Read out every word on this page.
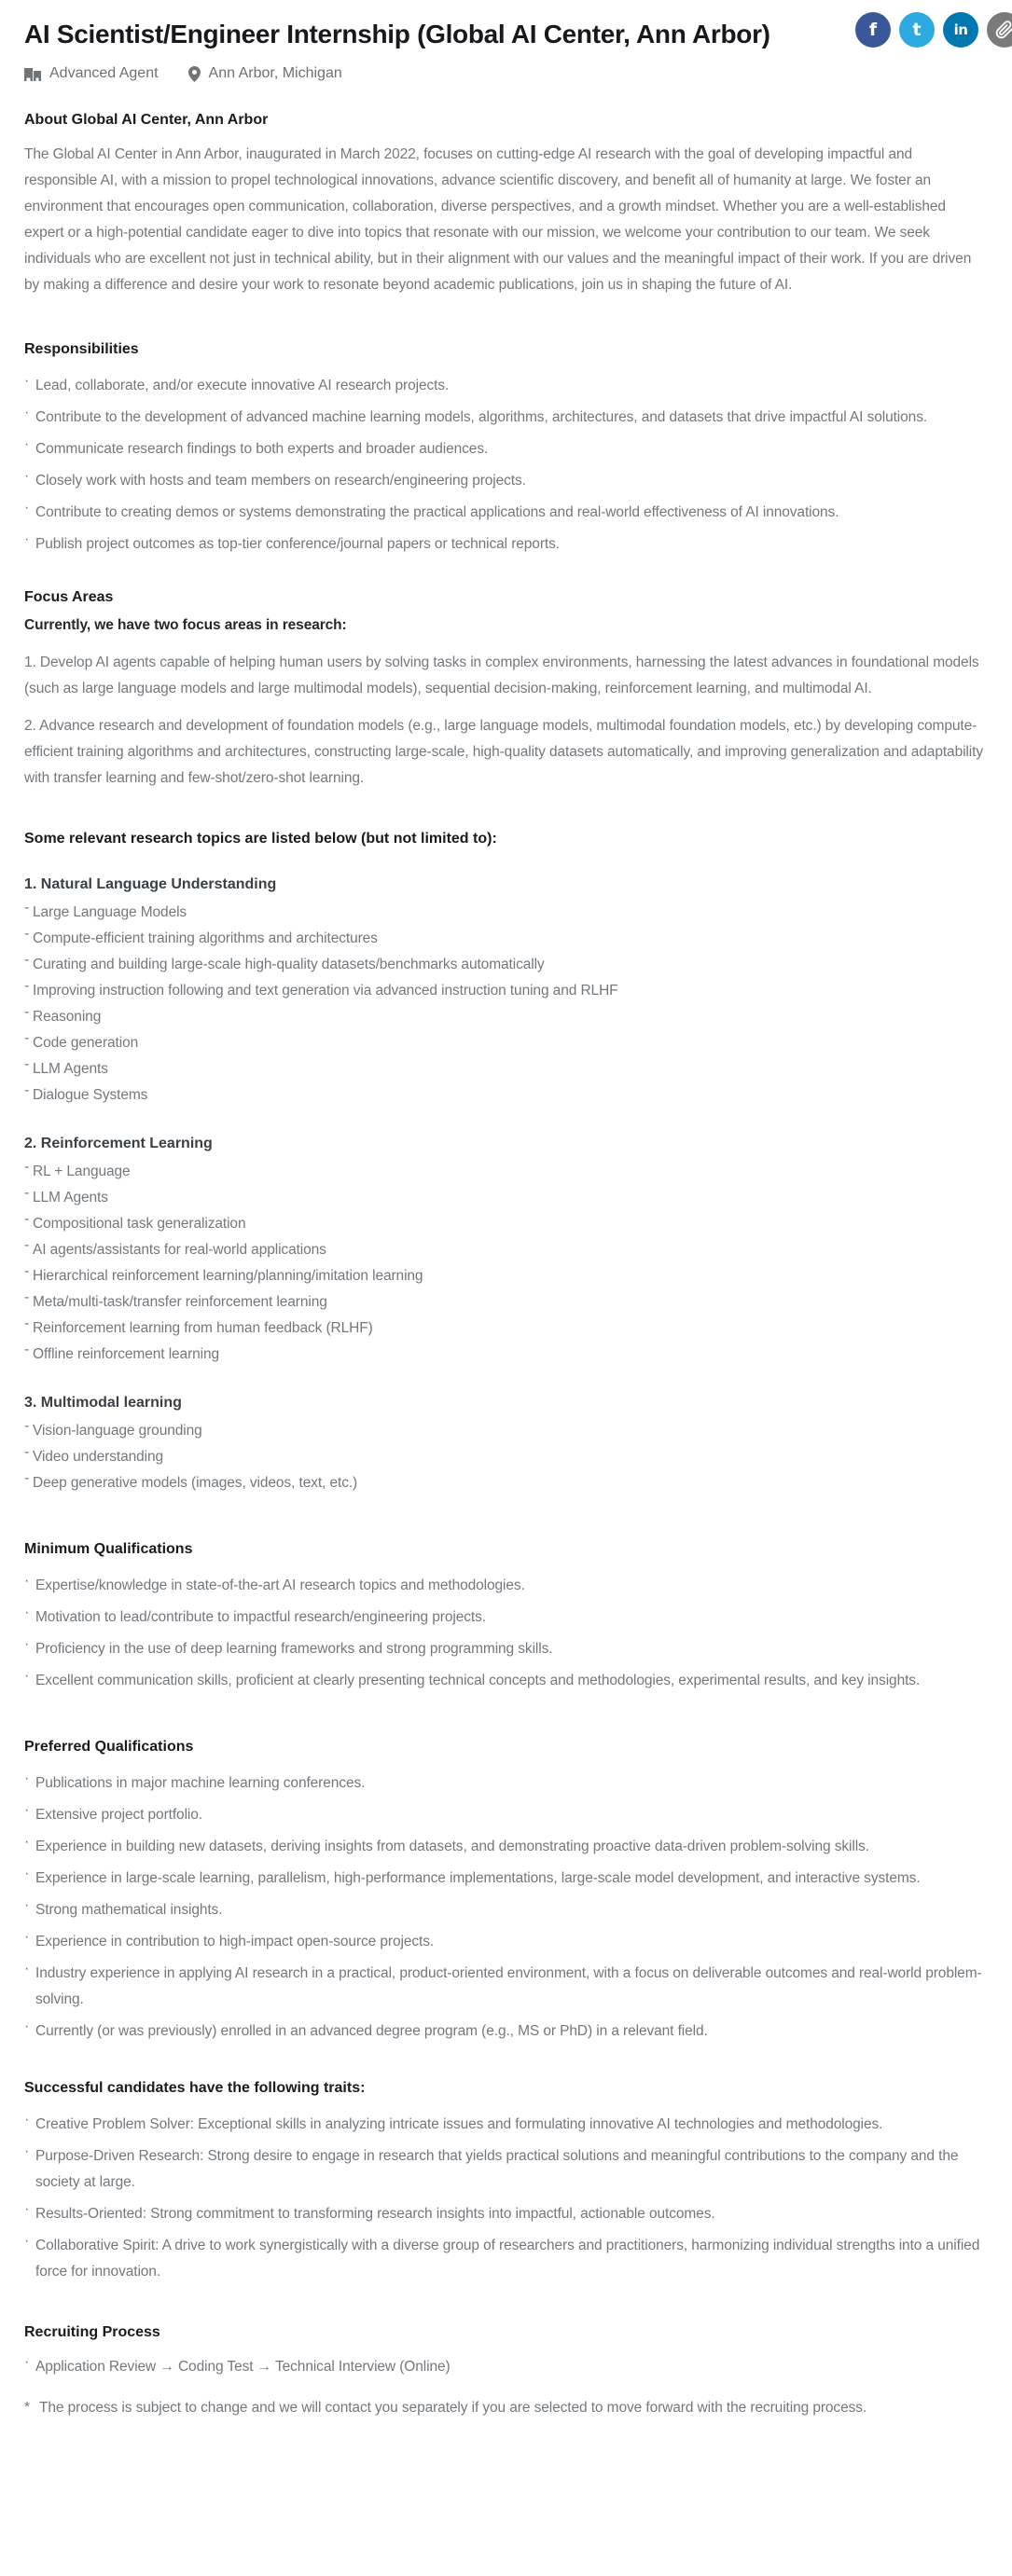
f t in
AI Scientist/Engineer Internship (Global AI Center, Ann Arbor)
Advanced Agent	Ann Arbor, Michigan
About Global AI Center, Ann Arbor

The Global AI Center in Ann Arbor, inaugurated in March 2022, focuses on cutting-edge AI research with the goal of developing impactful and responsible AI, with a mission to propel technological innovations, advance scientific discovery, and benefit all of humanity at large. We foster an environment that encourages open communication, collaboration, diverse perspectives, and a growth mindset. Whether you are a well-established expert or a high-potential candidate eager to dive into topics that resonate with our mission, we welcome your contribution to our team. We seek individuals who are excellent not just in technical ability, but in their alignment with our values and the meaningful impact of their work. If you are driven by making a difference and desire your work to resonate beyond academic publications, join us in shaping the future of AI.

Responsibilities
· Lead, collaborate, and/or execute innovative AI research projects.
· Contribute to the development of advanced machine learning models, algorithms, architectures, and datasets that drive impactful AI solutions.
· Communicate research findings to both experts and broader audiences.
· Closely work with hosts and team members on research/engineering projects.
· Contribute to creating demos or systems demonstrating the practical applications and real-world effectiveness of AI innovations.
· Publish project outcomes as top-tier conference/journal papers or technical reports.
Focus Areas
Currently, we have two focus areas in research:

1. Develop AI agents capable of helping human users by solving tasks in complex environments, harnessing the latest advances in foundational models (such as large language models and large multimodal models), sequential decision-making, reinforcement learning, and multimodal AI.

2. Advance research and development of foundation models (e.g., large language models, multimodal foundation models, etc.) by developing compute-efficient training algorithms and architectures, constructing large-scale, high-quality datasets automatically, and improving generalization and adaptability with transfer learning and few-shot/zero-shot learning.

Some relevant research topics are listed below (but not limited to):
1. Natural Language Understanding
- Large Language Models
- Compute-efficient training algorithms and architectures
- Curating and building large-scale high-quality datasets/benchmarks automatically
- Improving instruction following and text generation via advanced instruction tuning and RLHF
- Reasoning
- Code generation
- LLM Agents
- Dialogue Systems
2. Reinforcement Learning
- RL + Language
- LLM Agents
- Compositional task generalization
- AI agents/assistants for real-world applications
- Hierarchical reinforcement learning/planning/imitation learning
- Meta/multi-task/transfer reinforcement learning
- Reinforcement learning from human feedback (RLHF)
- Offline reinforcement learning
3. Multimodal learning
- Vision-language grounding
- Video understanding
- Deep generative models (images, videos, text, etc.)
Minimum Qualifications
· Expertise/knowledge in state-of-the-art AI research topics and methodologies.
· Motivation to lead/contribute to impactful research/engineering projects.
· Proficiency in the use of deep learning frameworks and strong programming skills.
· Excellent communication skills, proficient at clearly presenting technical concepts and methodologies, experimental results, and key insights.
Preferred Qualifications
· Publications in major machine learning conferences.
· Extensive project portfolio.
· Experience in building new datasets, deriving insights from datasets, and demonstrating proactive data-driven problem-solving skills.
· Experience in large-scale learning, parallelism, high-performance implementations, large-scale model development, and interactive systems.
· Strong mathematical insights.
· Experience in contribution to high-impact open-source projects.
· Industry experience in applying AI research in a practical, product-oriented environment, with a focus on deliverable outcomes and real-world problem-solving.
· Currently (or was previously) enrolled in an advanced degree program (e.g., MS or PhD) in a relevant field.
Successful candidates have the following traits:
· Creative Problem Solver: Exceptional skills in analyzing intricate issues and formulating innovative AI technologies and methodologies.
· Purpose-Driven Research: Strong desire to engage in research that yields practical solutions and meaningful contributions to the company and the society at large.
· Results-Oriented: Strong commitment to transforming research insights into impactful, actionable outcomes.
· Collaborative Spirit: A drive to work synergistically with a diverse group of researchers and practitioners, harmonizing individual strengths into a unified force for innovation.
Recruiting Process
· Application Review → Coding Test → Technical Interview (Online)
* The process is subject to change and we will contact you separately if you are selected to move forward with the recruiting process.
